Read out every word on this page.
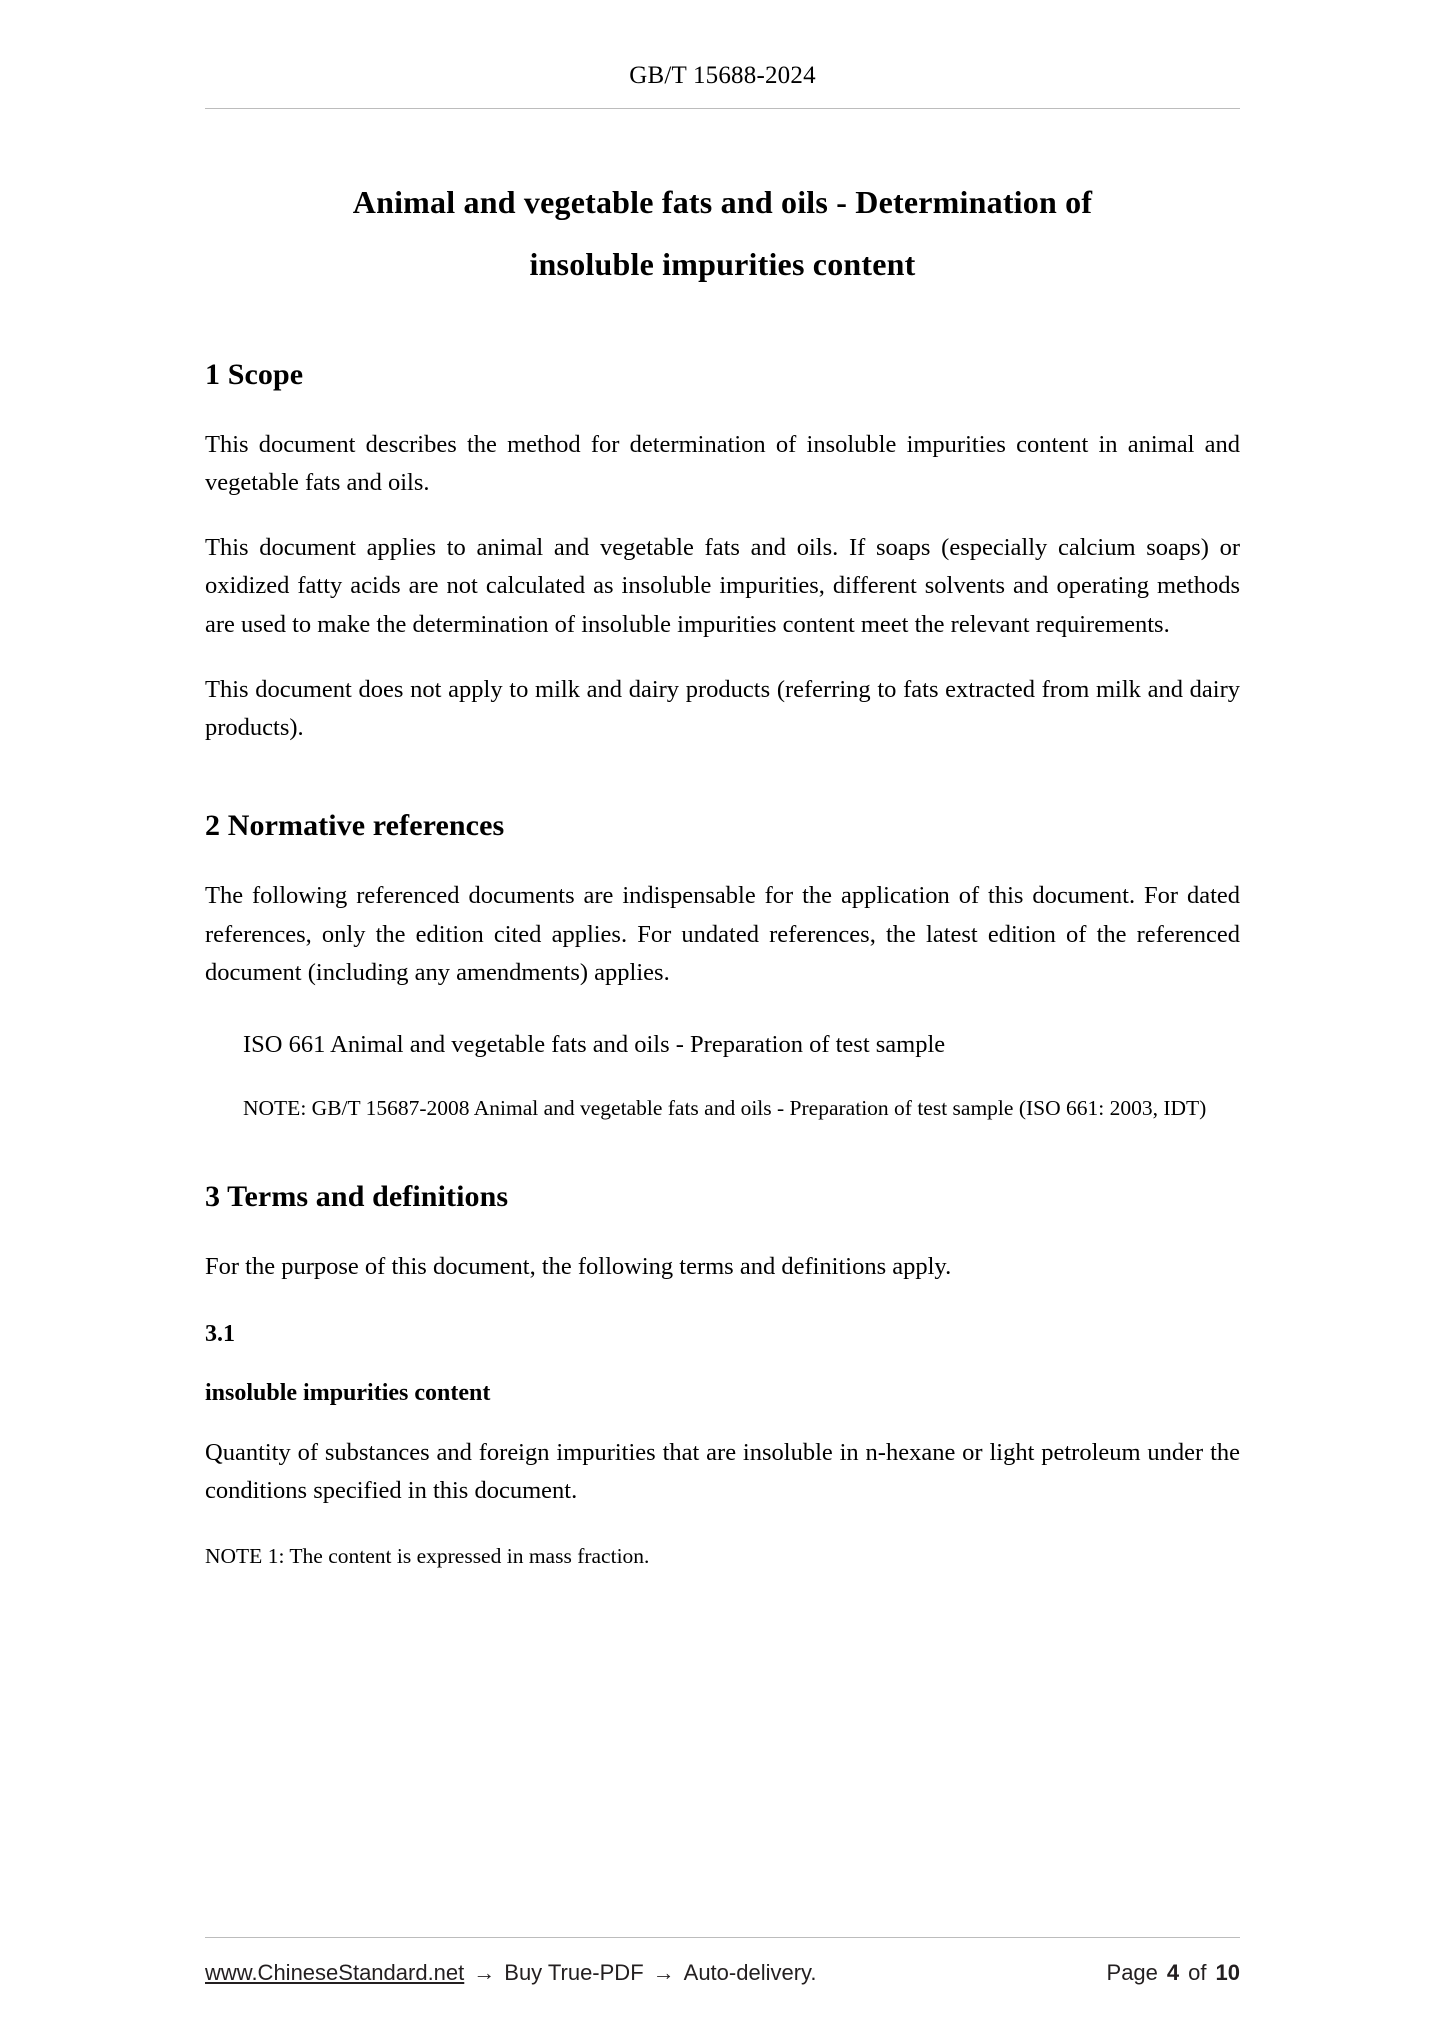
GB/T 15688-2024
Animal and vegetable fats and oils - Determination of
insoluble impurities content
1 Scope

This document describes the method for determination of insoluble impurities content in animal and vegetable fats and oils.

This document applies to animal and vegetable fats and oils. If soaps (especially calcium soaps) or oxidized fatty acids are not calculated as insoluble impurities, different solvents and operating methods are used to make the determination of insoluble impurities content meet the relevant requirements.

This document does not apply to milk and dairy products (referring to fats extracted from milk and dairy products).

2 Normative references

The following referenced documents are indispensable for the application of this document. For dated references, only the edition cited applies. For undated references, the latest edition of the referenced document (including any amendments) applies.

ISO 661 Animal and vegetable fats and oils - Preparation of test sample

NOTE: GB/T 15687-2008 Animal and vegetable fats and oils - Preparation of test sample (ISO 661: 2003, IDT)

3 Terms and definitions

For the purpose of this document, the following terms and definitions apply.

3.1

insoluble impurities content

Quantity of substances and foreign impurities that are insoluble in n-hexane or light petroleum under the conditions specified in this document.

NOTE 1: The content is expressed in mass fraction.

www.ChineseStandard.net → Buy True-PDF → Auto-delivery.	Page 4 of 10
